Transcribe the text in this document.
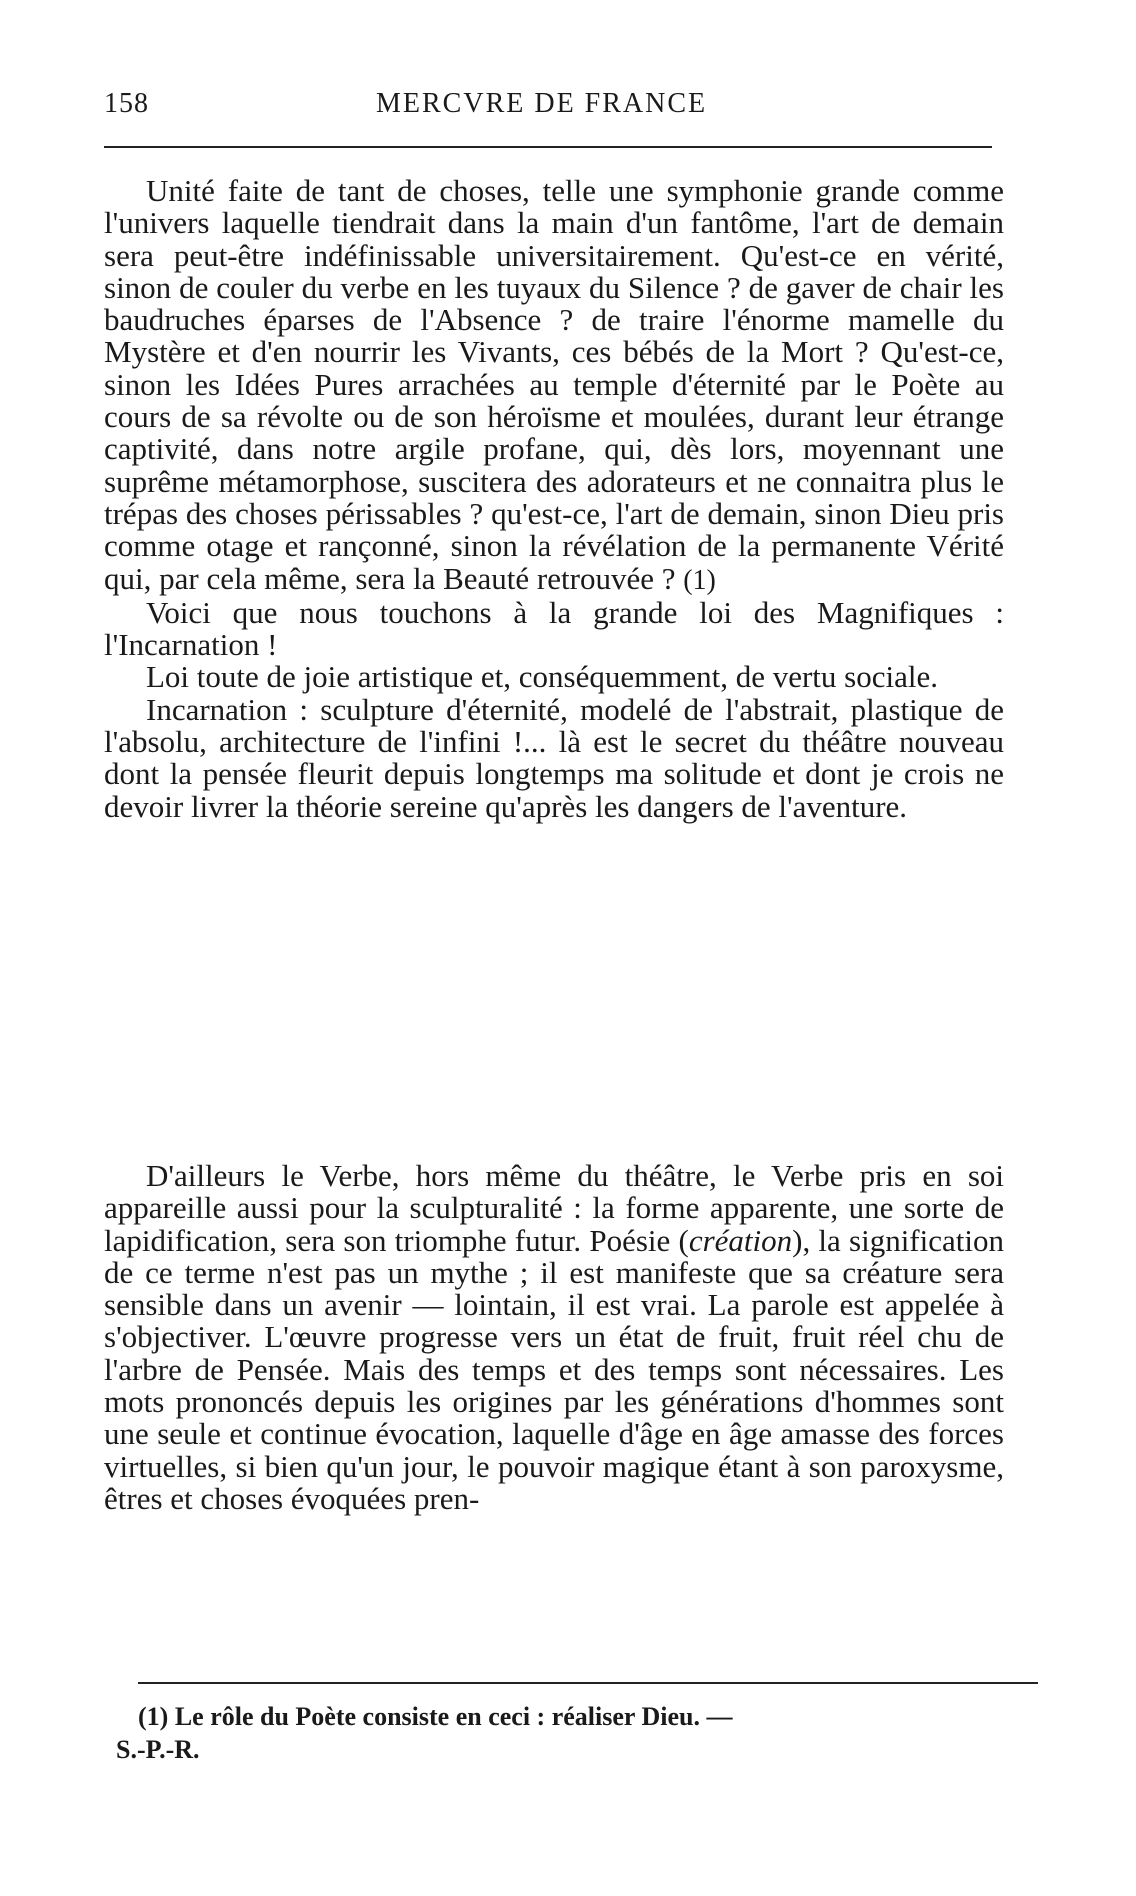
158	MERCVRE DE FRANCE

Unité faite de tant de choses, telle une symphonie grande comme l'univers laquelle tiendrait dans la main d'un fantôme, l'art de demain sera peut-être indéfinissable universitairement. Qu'est-ce en vérité, sinon de couler du verbe en les tuyaux du Silence ? de gaver de chair les baudruches éparses de l'Absence ? de traire l'énorme mamelle du Mystère et d'en nourrir les Vivants, ces bébés de la Mort ? Qu'est-ce, sinon les Idées Pures arrachées au temple d'éternité par le Poète au cours de sa révolte ou de son héroïsme et moulées, durant leur étrange captivité, dans notre argile profane, qui, dès lors, moyennant une suprême métamorphose, suscitera des adorateurs et ne connaitra plus le trépas des choses périssables ? qu'est-ce, l'art de demain, sinon Dieu pris comme otage et rançonné, sinon la révélation de la permanente Vérité qui, par cela même, sera la Beauté retrouvée ? (1)

Voici que nous touchons à la grande loi des Magnifiques : l'Incarnation !

Loi toute de joie artistique et, conséquemment, de vertu sociale.

Incarnation : sculpture d'éternité, modelé de l'abstrait, plastique de l'absolu, architecture de l'infini !... là est le secret du théâtre nouveau dont la pensée fleurit depuis longtemps ma solitude et dont je crois ne devoir livrer la théorie sereine qu'après les dangers de l'aventure.

D'ailleurs le Verbe, hors même du théâtre, le Verbe pris en soi appareille aussi pour la sculpturalité : la forme apparente, une sorte de lapidification, sera son triomphe futur. Poésie (création), la signification de ce terme n'est pas un mythe ; il est manifeste que sa créature sera sensible dans un avenir — lointain, il est vrai. La parole est appelée à s'objectiver. L'œuvre progresse vers un état de fruit, fruit réel chu de l'arbre de Pensée. Mais des temps et des temps sont nécessaires. Les mots prononcés depuis les origines par les générations d'hommes sont une seule et continue évocation, laquelle d'âge en âge amasse des forces virtuelles, si bien qu'un jour, le pouvoir magique étant à son paroxysme, êtres et choses évoquées pren-

(1) Le rôle du Poète consiste en ceci : réaliser Dieu. —
S.-P.-R.
